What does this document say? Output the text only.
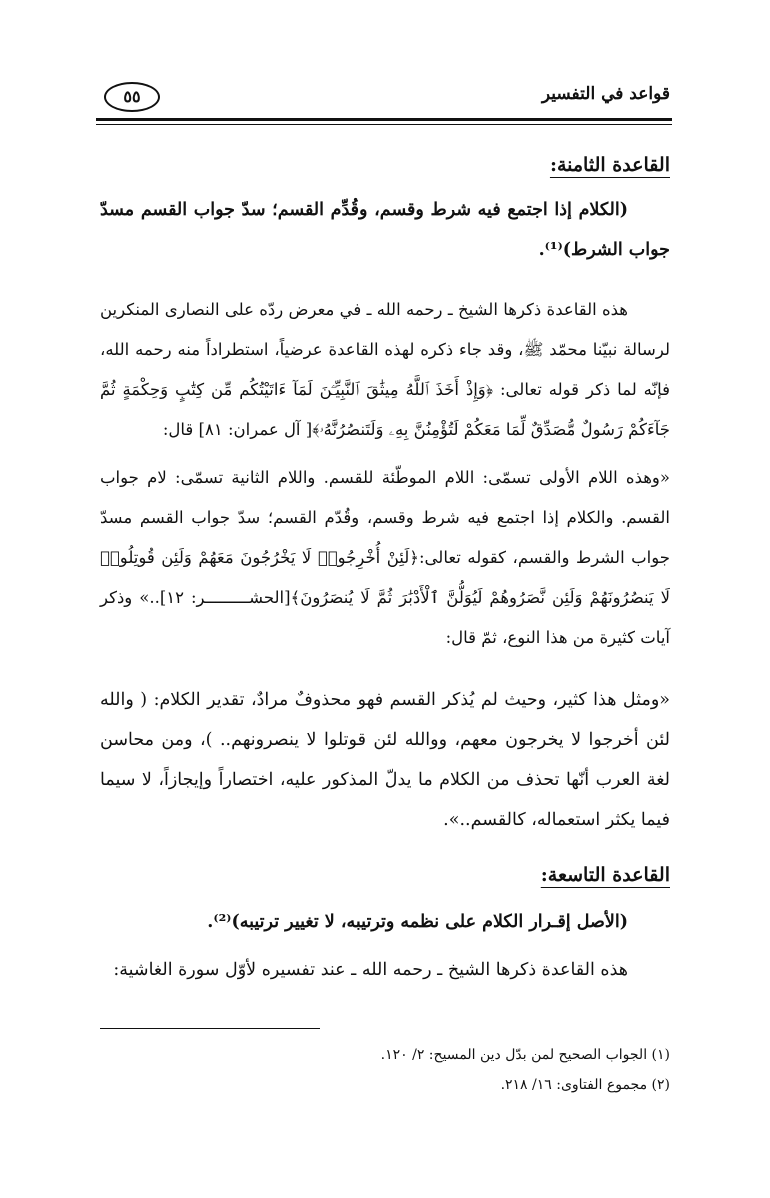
قواعد في التفسير
٥٥
القاعدة الثامنة:

(الكلام إذا اجتمع فيه شرط وقسم، وقُدِّم القسم؛ سدّ جواب القسم مسدّ جواب الشرط)⁽¹⁾.

هذه القاعدة ذكرها الشيخ ـ رحمه الله ـ في معرض ردّه على النصارى المنكرين لرسالة نبيّنا محمّد ﷺ، وقد جاء ذكره لهذه القاعدة عرضياً، استطراداً منه رحمه الله، فإنّه لما ذكر قوله تعالى: ﴿وَإِذْ أَخَذَ ٱللَّهُ مِيثَٰقَ ٱلنَّبِيِّـۧنَ لَمَآ ءَاتَيْتُكُم مِّن كِتَٰبٍ وَحِكْمَةٍ ثُمَّ جَآءَكُمْ رَسُولٌ مُّصَدِّقٌ لِّمَا مَعَكُمْ لَتُؤْمِنُنَّ بِهِۦ وَلَتَنصُرُنَّهُۥ﴾[ آل عمران: ٨١] قال:

«وهذه اللام الأولى تسمّى: اللام الموطّئة للقسم. واللام الثانية تسمّى: لام جواب القسم. والكلام إذا اجتمع فيه شرط وقسم، وقُدّم القسم؛ سدّ جواب القسم مسدّ جواب الشرط والقسم، كقوله تعالى:﴿لَئِنْ أُخْرِجُوا۟ لَا يَخْرُجُونَ مَعَهُمْ وَلَئِن قُوتِلُوا۟ لَا يَنصُرُونَهُمْ وَلَئِن نَّصَرُوهُمْ لَيُوَلُّنَّ ٱلْأَدْبَٰرَ ثُمَّ لَا يُنصَرُونَ﴾[الحشـــــــــر: ١٢]..» وذكر آيات كثيرة من هذا النوع، ثمّ قال:

«ومثل هذا كثير، وحيث لم يُذكر القسم فهو محذوفٌ مرادٌ، تقدير الكلام: ( والله لئن أخرجوا لا يخرجون معهم، ووالله لئن قوتلوا لا ينصرونهم.. )، ومن محاسن لغة العرب أنّها تحذف من الكلام ما يدلّ المذكور عليه، اختصاراً وإيجازاً، لا سيما فيما يكثر استعماله، كالقسم..».

القاعدة التاسعة:

(الأصل إقـرار الكلام على نظمه وترتيبه، لا تغيير ترتيبه)⁽²⁾.

هذه القاعدة ذكرها الشيخ ـ رحمه الله ـ عند تفسيره لأوّل سورة الغاشية:

(١) الجواب الصحيح لمن بدّل دين المسيح: ٢/ ١٢٠.
(٢) مجموع الفتاوى: ١٦/ ٢١٨.
